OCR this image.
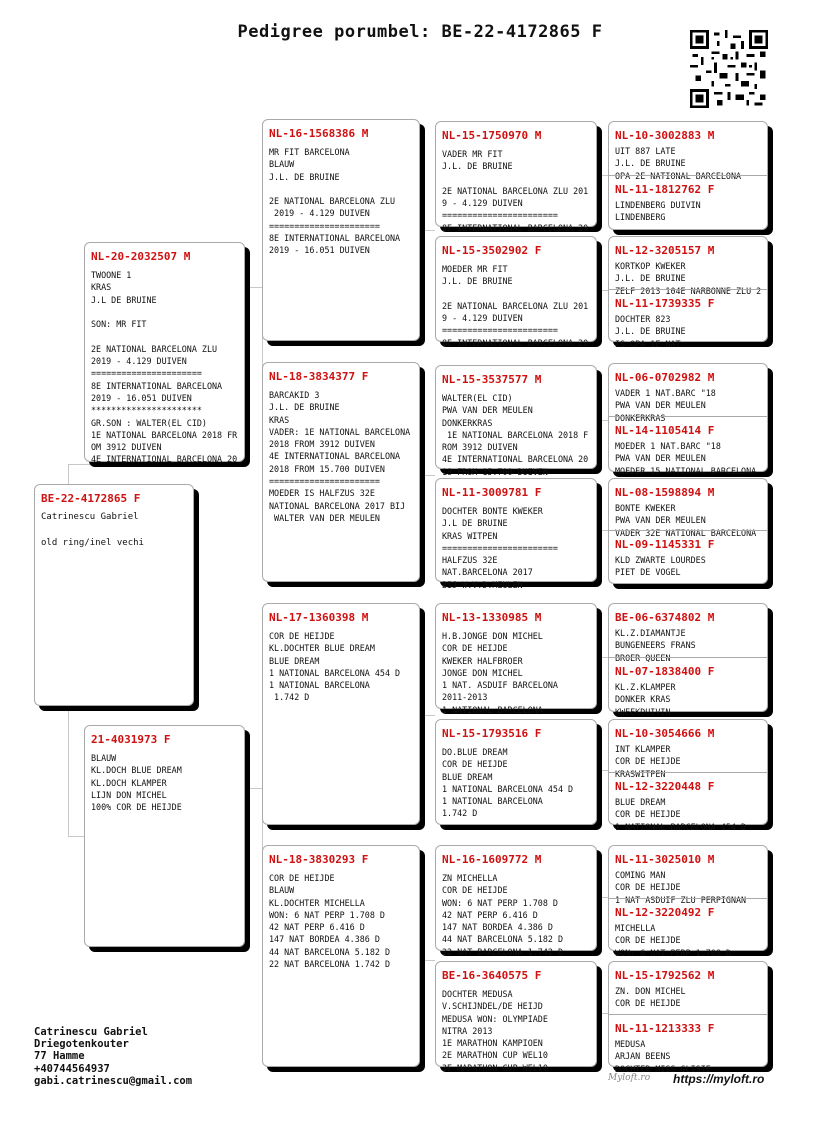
Pedigree porumbel: BE-22-4172865 F
BE-22-4172865 F
Catrinescu Gabriel

old ring/inel vechi
NL-20-2032507 M
TWOONE 1
KRAS
J.L DE BRUINE

SON: MR FIT

2E NATIONAL BARCELONA ZLU
2019 - 4.129 DUIVEN
======================
8E INTERNATIONAL BARCELONA
2019 - 16.051 DUIVEN
**********************
GR.SON : WALTER(EL CID)
1E NATIONAL BARCELONA 2018 FR
OM 3912 DUIVEN
4E INTERNATIONAL BARCELONA 20
21-4031973 F
BLAUW
KL.DOCH BLUE DREAM
KL.DOCH KLAMPER
LIJN DON MICHEL
100% COR DE HEIJDE
NL-16-1568386 M
MR FIT BARCELONA
BLAUW
J.L. DE BRUINE

2E NATIONAL BARCELONA ZLU
2019 - 4.129 DUIVEN
======================
8E INTERNATIONAL BARCELONA
2019 - 16.051 DUIVEN
NL-18-3834377 F
BARCAKID 3
J.L. DE BRUINE
KRAS
VADER: 1E NATIONAL BARCELONA
2018 FROM 3912 DUIVEN
4E INTERNATIONAL BARCELONA
2018 FROM 15.700 DUIVEN
======================
MOEDER IS HALFZUS 32E
NATIONAL BARCELONA 2017 BIJ
WALTER VAN DER MEULEN
NL-17-1360398 M
COR DE HEIJDE
KL.DOCHTER BLUE DREAM
BLUE DREAM
1 NATIONAL BARCELONA 454 D
1 NATIONAL BARCELONA
1.742 D
NL-18-3830293 F
COR DE HEIJDE
BLAUW
KL.DOCHTER MICHELLA
WON: 6 NAT PERP 1.708 D
42 NAT PERP 6.416 D
147 NAT BORDEA 4.386 D
44 NAT BARCELONA 5.182 D
22 NAT BARCELONA 1.742 D
NL-15-1750970 M
VADER MR FIT
J.L. DE BRUINE

2E NATIONAL BARCELONA ZLU 201
9 - 4.129 DUIVEN
=======================
8E INTERNATIONAL BARCELONA 20
NL-15-3502902 F
MOEDER MR FIT
J.L. DE BRUINE

2E NATIONAL BARCELONA ZLU 201
9 - 4.129 DUIVEN
=======================
8E INTERNATIONAL BARCELONA 20
NL-15-3537577 M
WALTER(EL CID)
PWA VAN DER MEULEN
DONKERKRAS
1E NATIONAL BARCELONA 2018 F
ROM 3912 DUIVEN
4E INTERNATIONAL BARCELONA 20
18 FROM 15.700 DUIVEN
NL-11-3009781 F
DOCHTER BONTE KWEKER
J.L DE BRUINE
KRAS WITPEN
=======================
HALFZUS 32E
NAT.BARCELONA 2017
BIJ W.V.D.MEULEN
NL-13-1330985 M
H.B.JONGE DON MICHEL
COR DE HEIJDE
KWEKER HALFBROER
JONGE DON MICHEL
1 NAT. ASDUIF BARCELONA
2011-2013
1 NATIONAL BARCELONA
NL-15-1793516 F
DO.BLUE DREAM
COR DE HEIJDE
BLUE DREAM
1 NATIONAL BARCELONA 454 D
1 NATIONAL BARCELONA
1.742 D
NL-16-1609772 M
ZN MICHELLA
COR DE HEIJDE
WON: 6 NAT PERP 1.708 D
42 NAT PERP 6.416 D
147 NAT BORDEA 4.386 D
44 NAT BARCELONA 5.182 D
22 NAT BARCELONA 1.742 D
BE-16-3640575 F
DOCHTER MEDUSA
V.SCHIJNDEL/DE HEIJD
MEDUSA WON: OLYMPIADE
NITRA 2013
1E MARATHON KAMPIOEN
2E MARATHON CUP WEL10
3E MARATHON CUP WEL10
NL-10-3002883 M
UIT 887 LATE
J.L. DE BRUINE
OPA 2E NATIONAL BARCELONA
NL-11-1812762 F
LINDENBERG DUIVIN
LINDENBERG
NL-12-3205157 M
KORTKOP KWEKER
J.L. DE BRUINE
ZELF 2013 104E NARBONNE ZLU 2
NL-11-1739335 F
DOCHTER 823
J.L. DE BRUINE
IS OPA 1E NAT
NL-06-0702982 M
VADER 1 NAT.BARC "18
PWA VAN DER MEULEN
DONKERKRAS
NL-14-1105414 F
MOEDER 1 NAT.BARC "18
PWA VAN DER MEULEN
MOEDER 15 NATIONAL BARCELONA
NL-08-1598894 M
BONTE KWEKER
PWA VAN DER MEULEN
VADER 32E NATIONAL BARCELONA
NL-09-1145331 F
KLD ZWARTE LOURDES
PIET DE VOGEL
BE-06-6374802 M
KL.Z.DIAMANTJE
BUNGENEERS FRANS
BROER QUEEN
NL-07-1838400 F
KL.Z.KLAMPER
DONKER KRAS
KWEEKDUIVIN
NL-10-3054666 M
INT KLAMPER
COR DE HEIJDE
KRASWITPEN
NL-12-3220448 F
BLUE DREAM
COR DE HEIJDE
1 NATIONAL BARCELONA 454 D
NL-11-3025010 M
COMING MAN
COR DE HEIJDE
1 NAT ASDUIF ZLU PERPIGNAN
NL-12-3220492 F
MICHELLA
COR DE HEIJDE
WON: 6 NAT PERP 1.708 D
NL-15-1792562 M
ZN. DON MICHEL
COR DE HEIJDE
NL-11-1213333 F
MEDUSA
ARJAN BEENS
DOCHTER MISS GLISIE
Catrinescu Gabriel
Driegotenkouter
77 Hamme
+40744564937
gabi.catrinescu@gmail.com	Myloft.ro https://myloft.ro
